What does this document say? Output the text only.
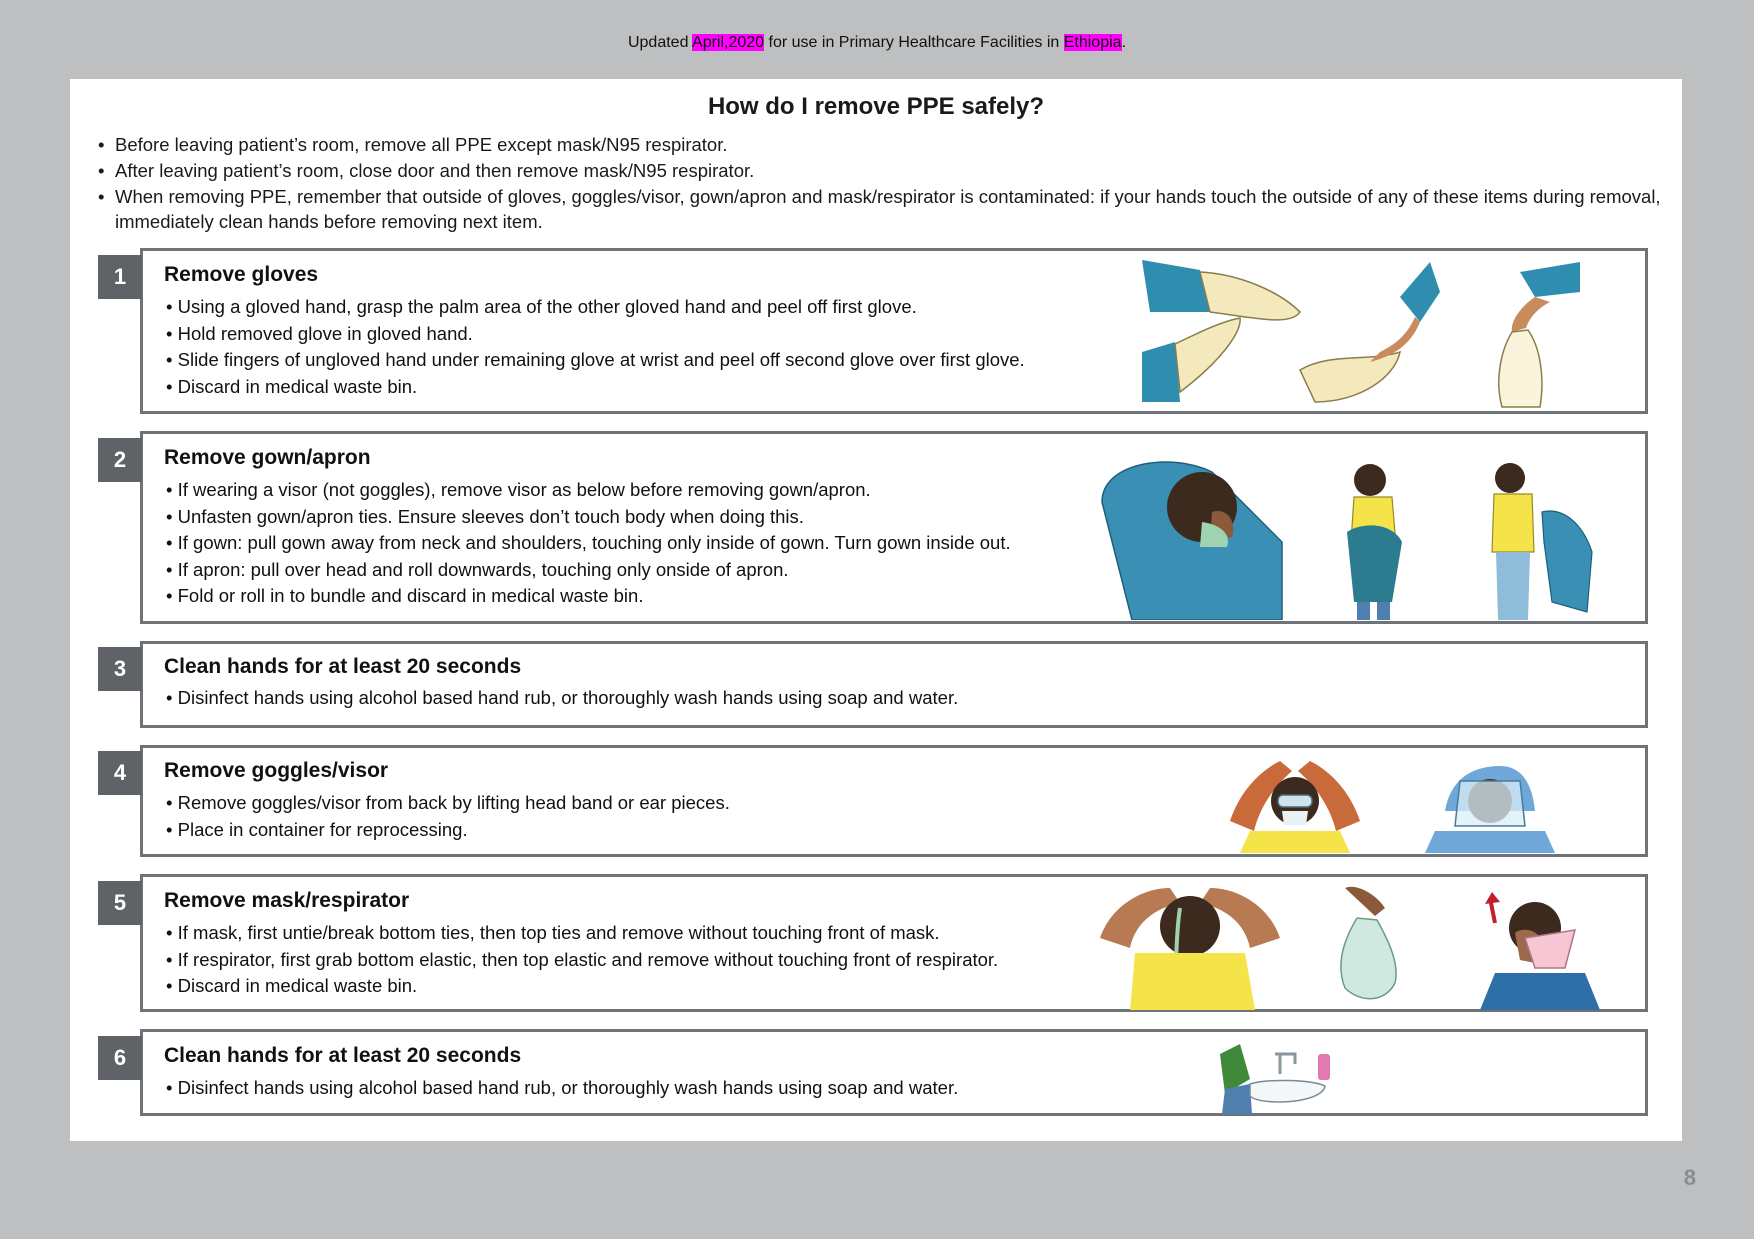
Updated April,2020 for use in Primary Healthcare Facilities in Ethiopia.
How do I remove PPE safely?
• Before leaving patient’s room, remove all PPE except mask/N95 respirator.
• After leaving patient’s room, close door and then remove mask/N95 respirator.
• When removing PPE, remember that outside of gloves, goggles/visor, gown/apron and mask/respirator is contaminated: if your hands touch the outside of any of these items during removal, immediately clean hands before removing next item.
1	Remove gloves
• Using a gloved hand, grasp the palm area of the other gloved hand and peel off first glove.
• Hold removed glove in gloved hand.
• Slide fingers of ungloved hand under remaining glove at wrist and peel off second glove over first glove.
• Discard in medical waste bin.
2	Remove gown/apron
• If wearing a visor (not goggles), remove visor as below before removing gown/apron.
• Unfasten gown/apron ties. Ensure sleeves don’t touch body when doing this.
• If gown: pull gown away from neck and shoulders, touching only inside of gown. Turn gown inside out.
• If apron: pull over head and roll downwards, touching only onside of apron.
• Fold or roll in to bundle and discard in medical waste bin.
3	Clean hands for at least 20 seconds
• Disinfect hands using alcohol based hand rub, or thoroughly wash hands using soap and water.
4	Remove goggles/visor
• Remove goggles/visor from back by lifting head band or ear pieces.
• Place in container for reprocessing.
5	Remove mask/respirator
• If mask, first untie/break bottom ties, then top ties and remove without touching front of mask.
• If respirator, first grab bottom elastic, then top elastic and remove without touching front of respirator.
• Discard in medical waste bin.
6	Clean hands for at least 20 seconds
• Disinfect hands using alcohol based hand rub, or thoroughly wash hands using soap and water.
8
